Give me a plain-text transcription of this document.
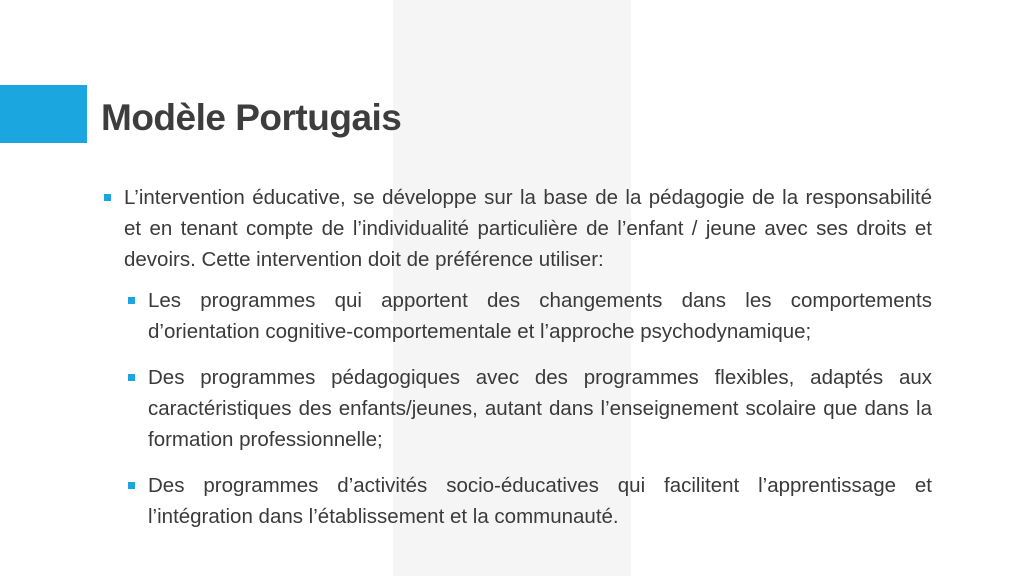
Modèle Portugais
L’intervention éducative, se développe sur la base de la pédagogie de la responsabilité et en tenant compte de l’individualité particulière de l’enfant / jeune avec ses droits et devoirs. Cette intervention doit de préférence utiliser:
Les programmes qui apportent des changements dans les comportements d’orientation cognitive-comportementale et l’approche psychodynamique;
Des programmes pédagogiques avec des programmes flexibles, adaptés aux caractéristiques des enfants/jeunes, autant dans l’enseignement scolaire que dans la formation professionnelle;
Des programmes d’activités socio-éducatives qui facilitent l’apprentissage et l’intégration dans l’établissement et la communauté.
